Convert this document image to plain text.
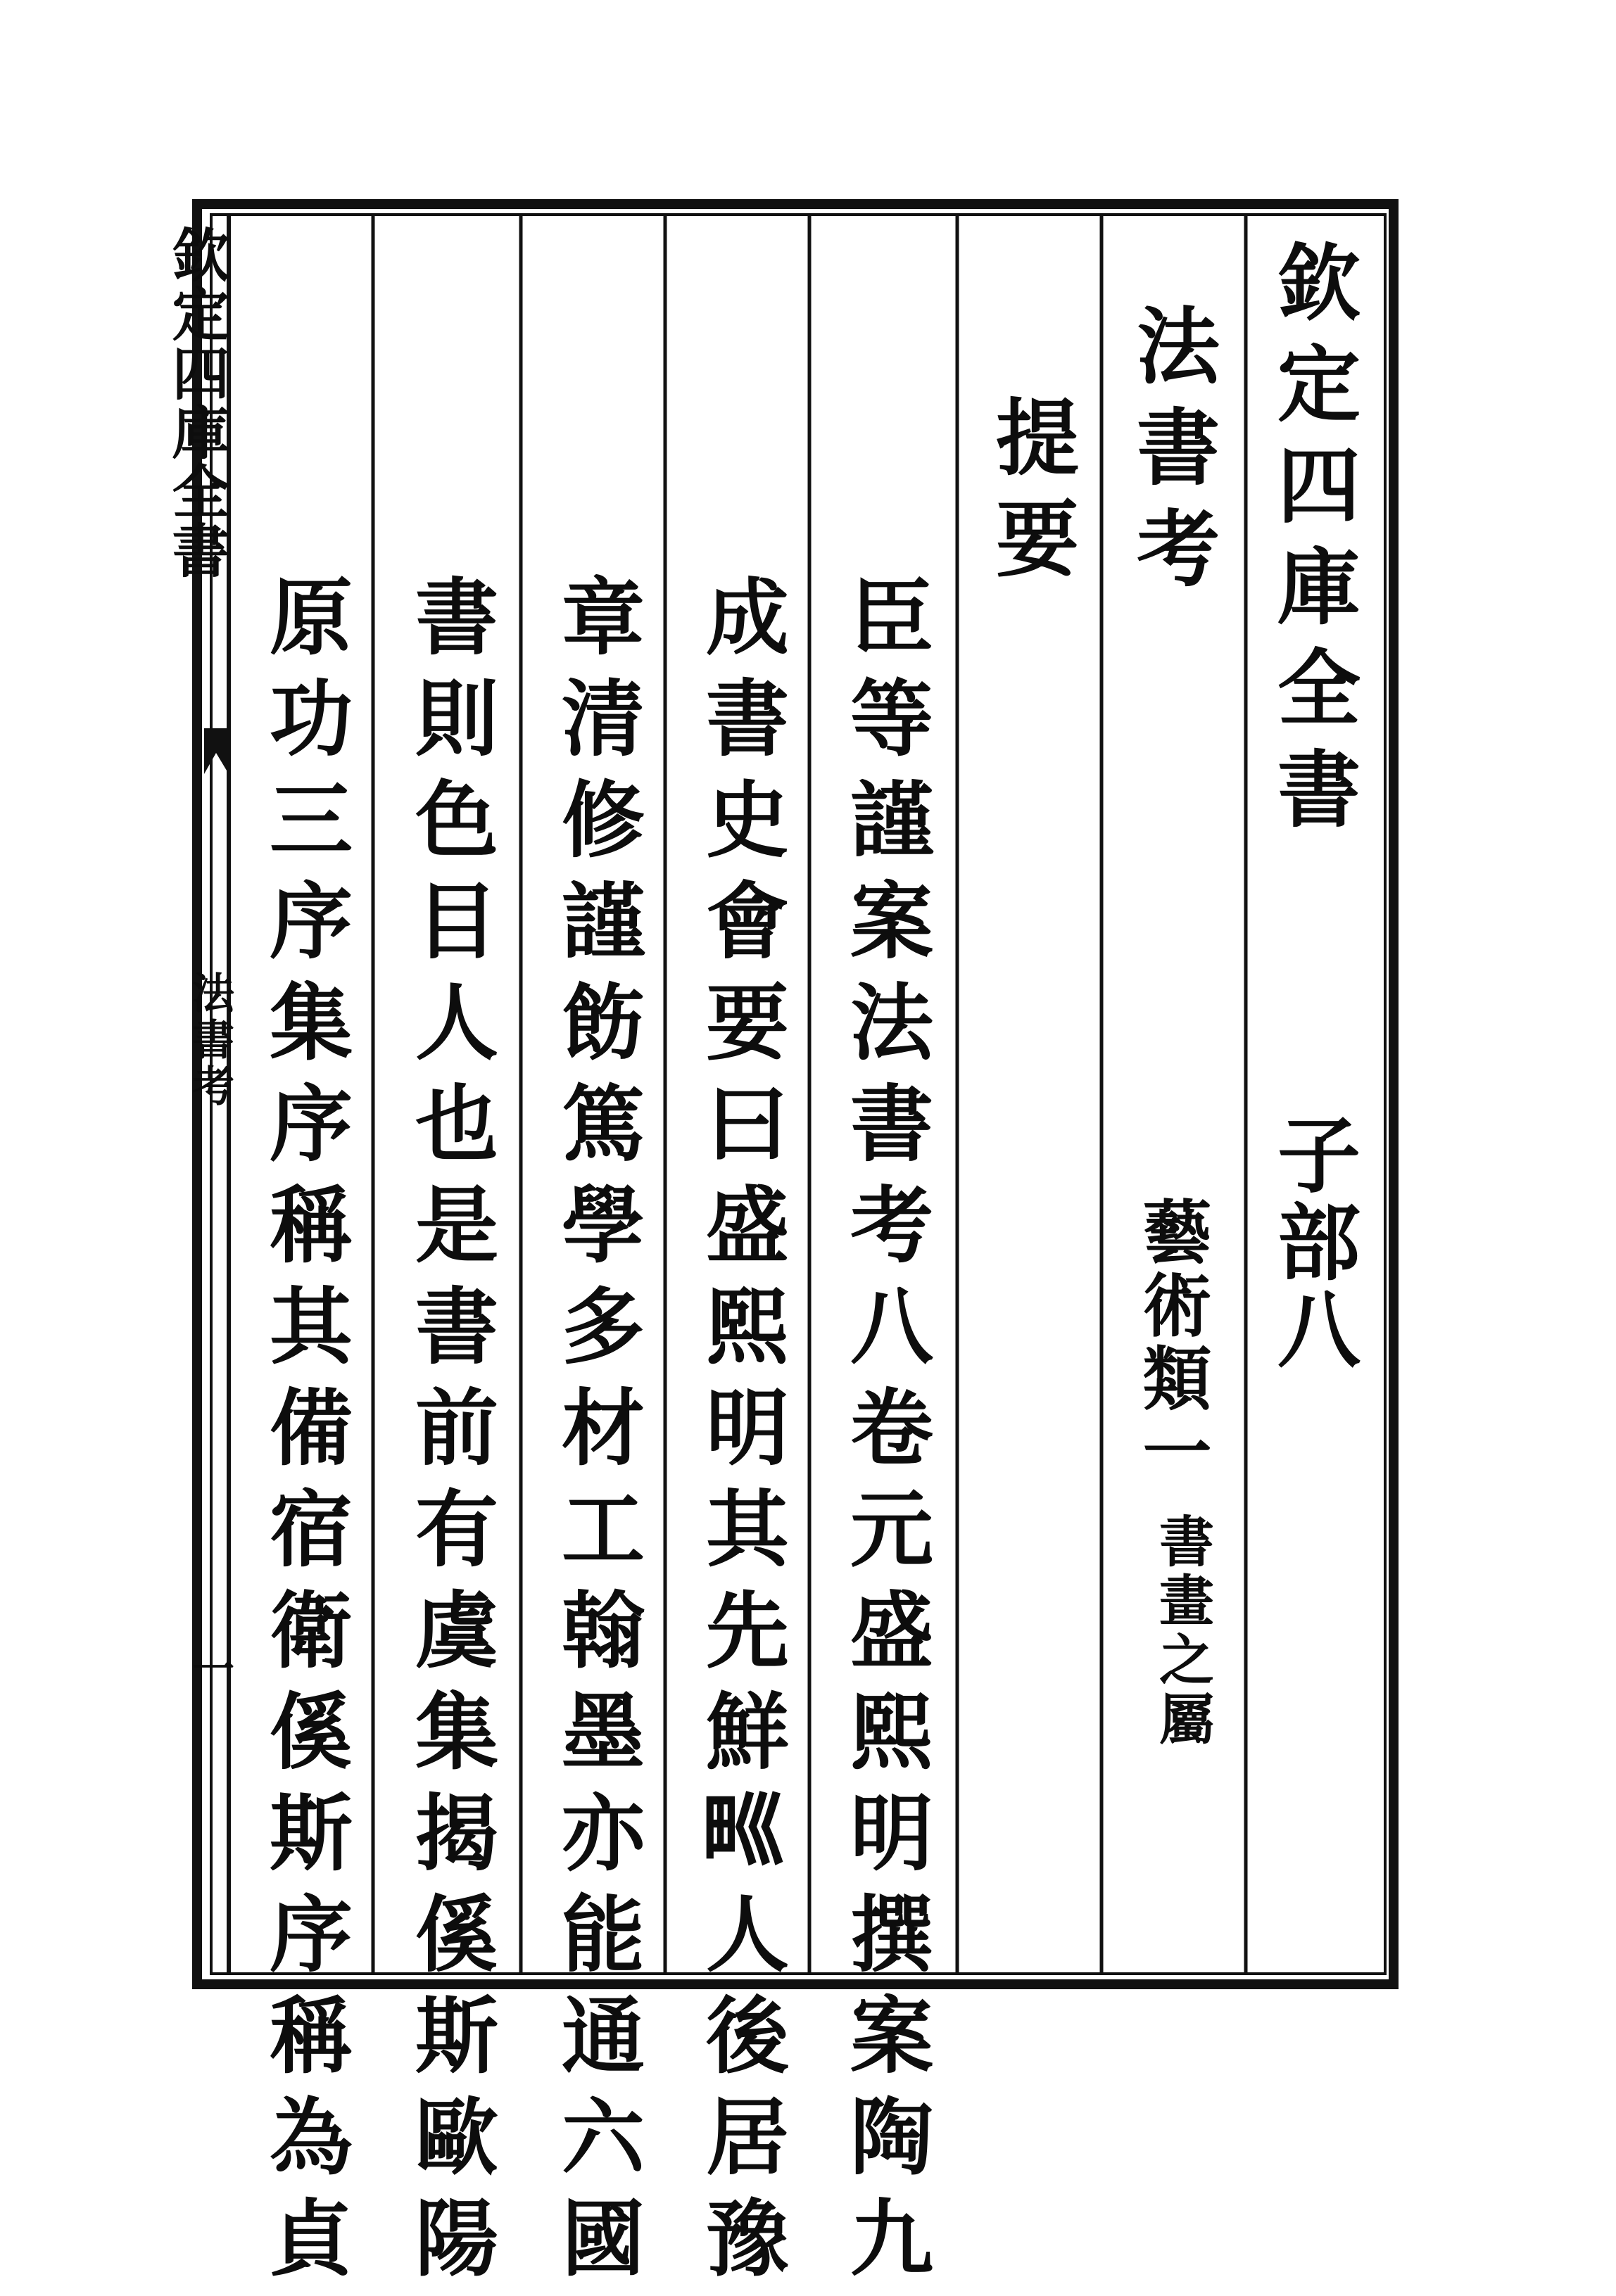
欽定四庫全書
子部八
法書考
藝術類一
書畫之屬
提要
臣等謹案法書考八卷元盛熙明撰案陶九
成書史會要曰盛熙明其先鮮𤰝人後居豫
章清修謹飭篤學多材工翰墨亦能通六國
書則色目人也是書前有虞集揭傒斯歐陽
原功三序集序稱其備宿衛傒斯序稱為貞
欽定四庫全書
法書考
一
